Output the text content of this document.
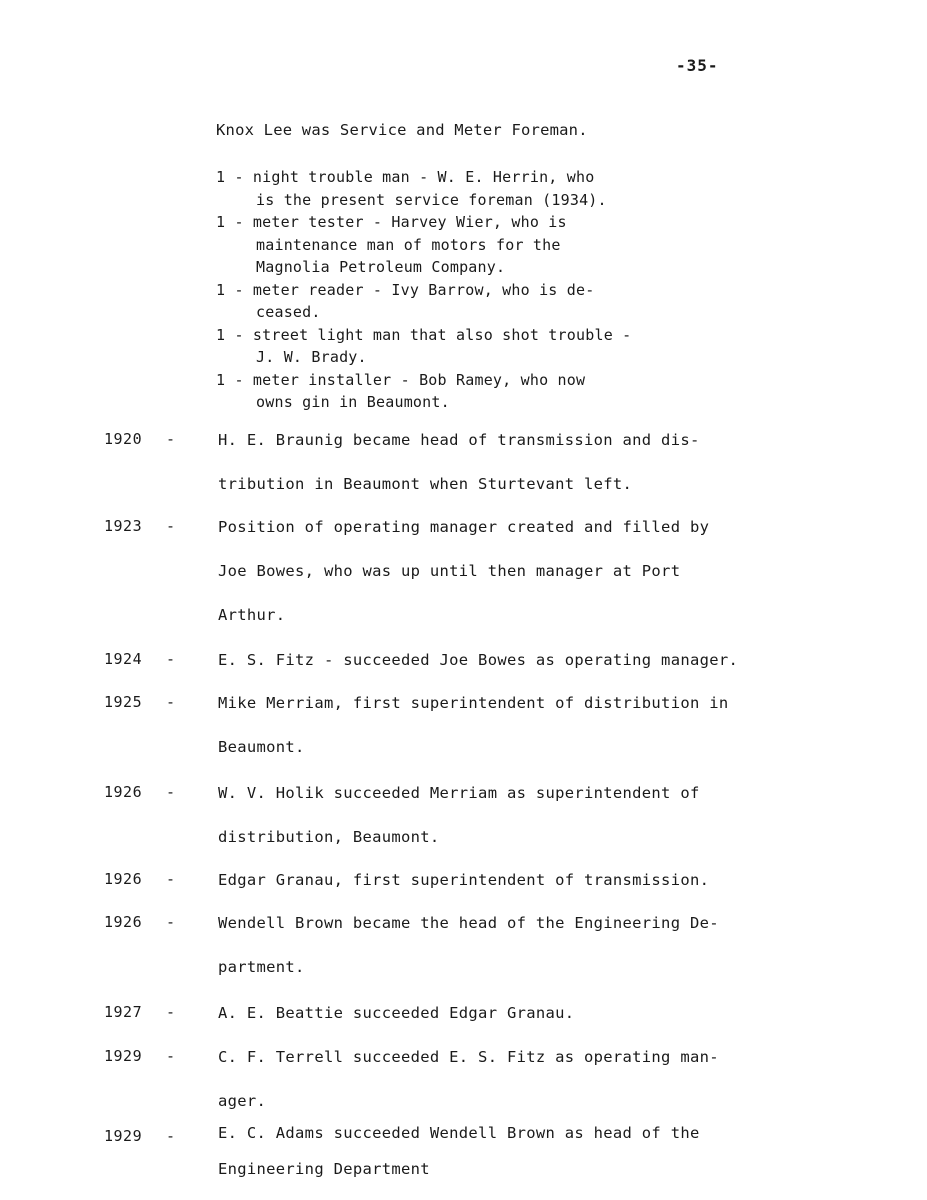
-35-
Knox Lee was Service and Meter Foreman.
1 - night trouble man - W. E. Herrin, who
is the present service foreman (1934).
1 - meter tester - Harvey Wier, who is
maintenance man of motors for the
Magnolia Petroleum Company.
1 - meter reader - Ivy Barrow, who is de-
ceased.
1 - street light man that also shot trouble -
J. W. Brady.
1 - meter installer - Bob Ramey, who now
owns gin in Beaumont.
1920 -	H. E. Braunig became head of transmission and dis-
tribution in Beaumont when Sturtevant left.
1923 -	Position of operating manager created and filled by
Joe Bowes, who was up until then manager at Port
Arthur.
1924 -	E. S. Fitz - succeeded Joe Bowes as operating manager.
1925 -	Mike Merriam, first superintendent of distribution in
Beaumont.
1926 -	W. V. Holik succeeded Merriam as superintendent of
distribution, Beaumont.
1926 -	Edgar Granau, first superintendent of transmission.
1926 -	Wendell Brown became the head of the Engineering De-
partment.
1927 -	A. E. Beattie succeeded Edgar Granau.
1929 -	C. F. Terrell succeeded E. S. Fitz as operating man-
ager.
1929 -	E. C. Adams succeeded Wendell Brown as head of the
Engineering Department
